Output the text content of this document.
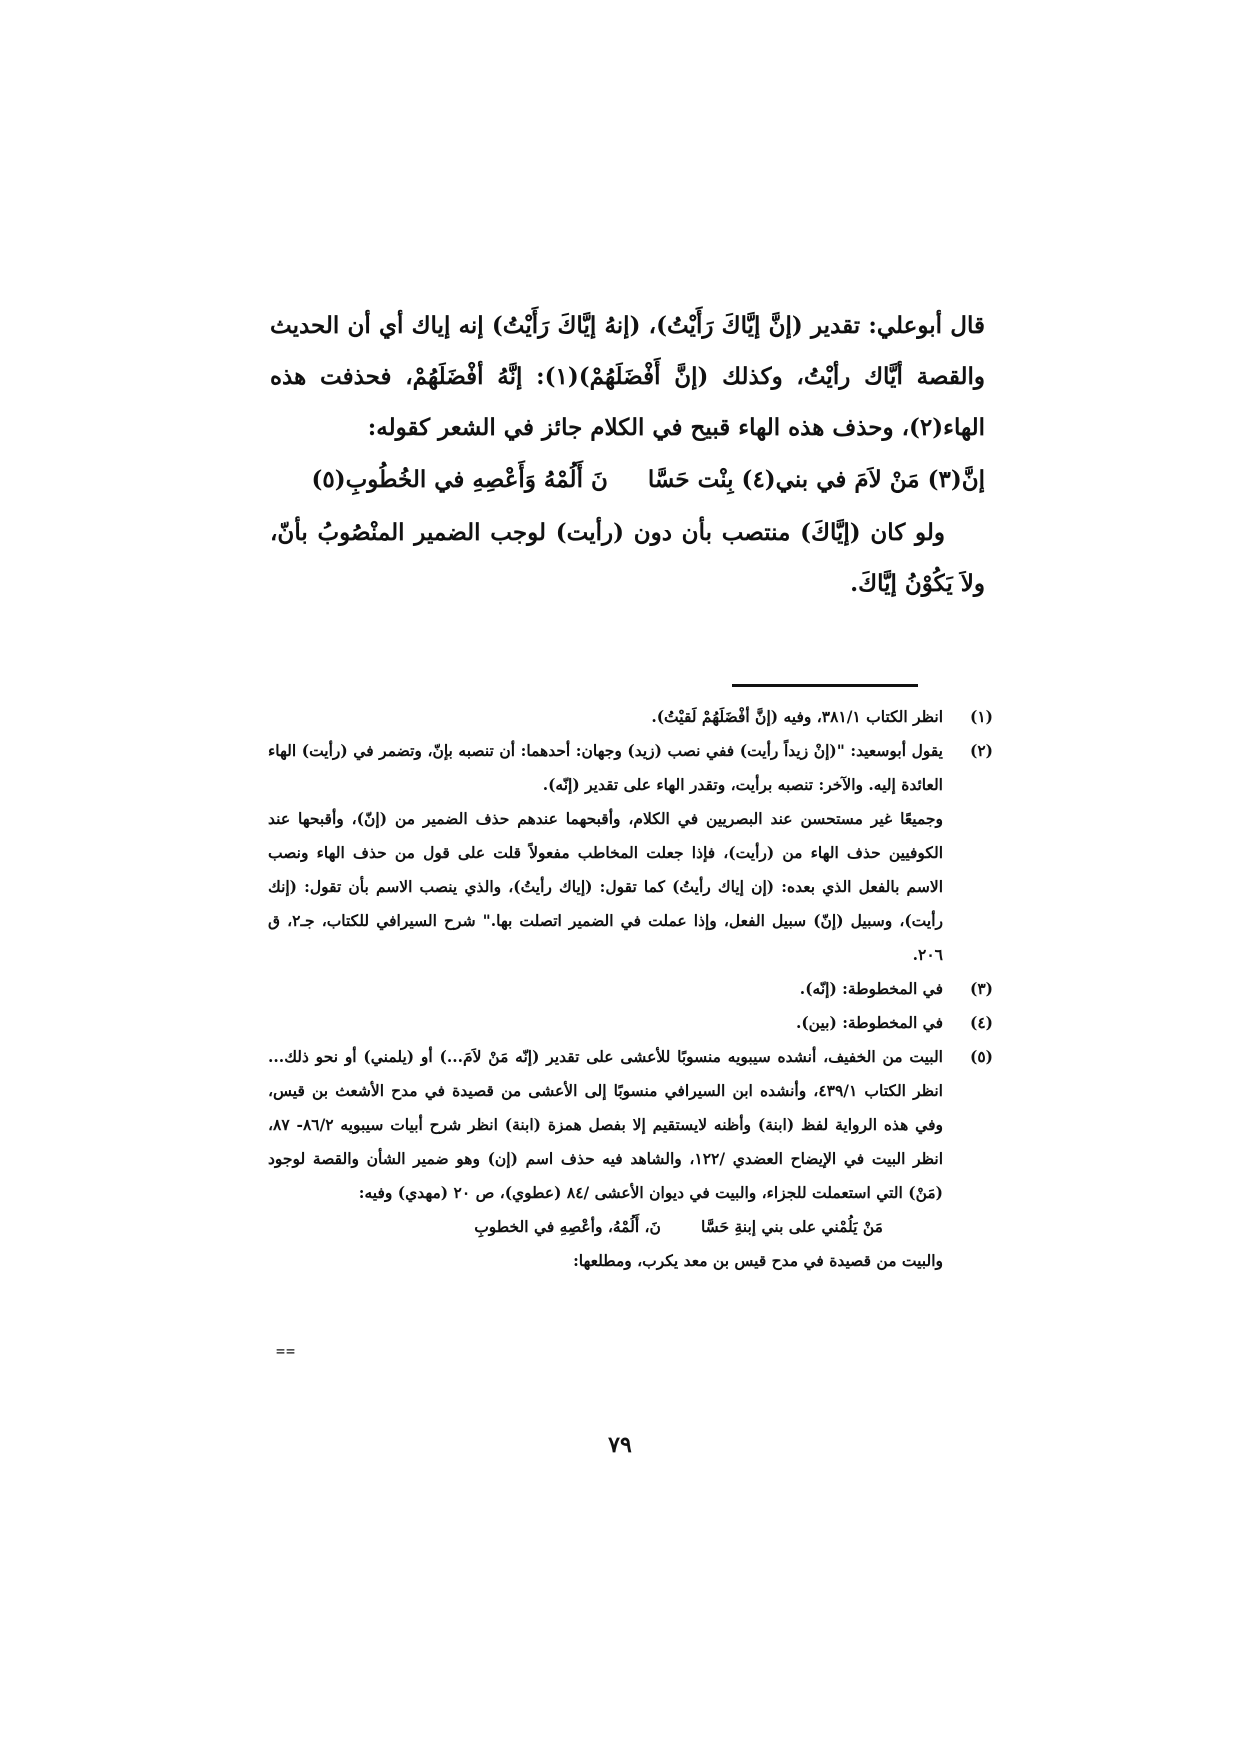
قال أبوعلي: تقدير (إنَّ إيَّاكَ رَأَيْتُ)، (إنهُ إيَّاكَ رَأَيْتُ) إنه إياك أي أن الحديث والقصة أيَّاك رأيْتُ، وكذلك (إنَّ أَفْضَلَهُمْ)(١): إنَّهُ أفْضَلَهُمْ، فحذفت هذه الهاء(٢)، وحذف هذه الهاء قبيح في الكلام جائز في الشعر كقوله:

إنَّ(٣) مَنْ لاَمَ في بني(٤) بِنْت حَسَّا
نَ أَلُمْهُ وَأَعْصِهِ في الخُطُوبِ(٥)

ولو كان (إيَّاكَ) منتصب بأن دون (رأيت) لوجب الضمير المنْصُوبُ بأنّ، ولاَ يَكُوْنُ إيَّاكَ.

(١)
انظر الكتاب ٣٨١/١، وفيه (إنَّ أفْضَلَهُمْ لَقيْتُ).
(٢)
يقول أبوسعيد: "(إنْ زيداً رأيت) ففي نصب (زيد) وجهان: أحدهما: أن تنصبه بإنّ، وتضمر في (رأيت) الهاء العائدة إليه. والآخر: تنصبه برأيت، وتقدر الهاء على تقدير (إنّه).
وجميعًا غير مستحسن عند البصريين في الكلام، وأقبحهما عندهم حذف الضمير من (إنّ)، وأقبحها عند الكوفيين حذف الهاء من (رأيت)، فإذا جعلت المخاطب مفعولاً قلت على قول من حذف الهاء ونصب الاسم بالفعل الذي بعده: (إن إياك رأيتُ) كما تقول: (إياك رأيتُ)، والذي ينصب الاسم بأن تقول: (إنك رأيت)، وسبيل (إنّ) سبيل الفعل، وإذا عملت في الضمير اتصلت بها." شرح السيرافي للكتاب، جـ٢، ق ٢٠٦.
(٣)
في المخطوطة: (إنّه).
(٤)
في المخطوطة: (بين).
(٥)
البيت من الخفيف، أنشده سيبويه منسوبًا للأعشى على تقدير (إنّه مَنْ لاَمَ...) أو (يلمني) أو نحو ذلك... انظر الكتاب ٤٣٩/١، وأنشده ابن السيرافي منسوبًا إلى الأعشى من قصيدة في مدح الأشعث بن قيس، وفي هذه الرواية لفظ (ابنة) وأظنه لايستقيم إلا بفصل همزة (ابنة) انظر شرح أبيات سيبويه ٨٦/٢- ٨٧، انظر البيت في الإيضاح العضدي /١٢٢، والشاهد فيه حذف اسم (إن) وهو ضمير الشأن والقصة لوجود (مَنْ) التي استعملت للجزاء، والبيت في ديوان الأعشى /٨٤ (عطوي)، ص ٢٠ (مهدي) وفيه:
مَنْ يَلُمْني على بني إبنةِ حَسَّا
نَ، أَلُمْهُ، وأعْصِهِ في الخطوبِ
والبيت من قصيدة في مدح قيس بن معد يكرب، ومطلعها:
==
٧٩
